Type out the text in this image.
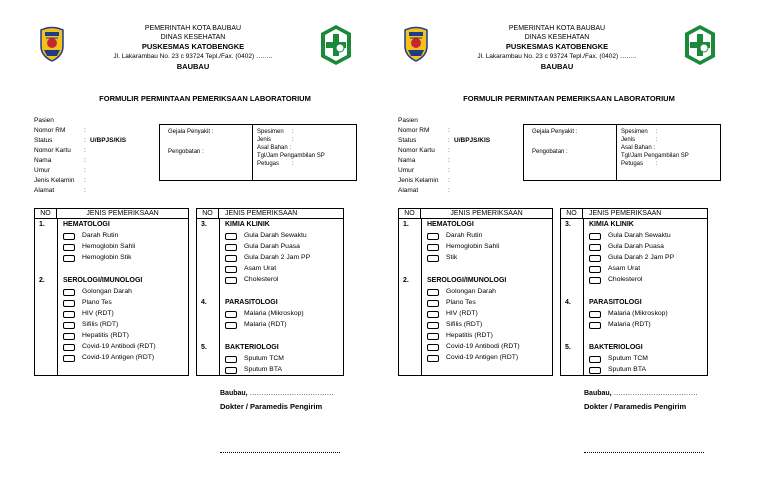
PEMERINTAH KOTA BAUBAU
DINAS KESEHATAN
PUSKESMAS KATOBENGKE
Jl. Lakarambau No. 23 c 93724 Tepl./Fax. (0402) ……..
BAUBAU
FORMULIR PERMINTAAN PEMERIKSAAN LABORATORIUM
Pasien
Nomor RM	:
Status	: U/BPJS/KIS
Nomor Kartu	:
Nama	:
Umur	:
Jenis Kelamin	:
Alamat	:
Gejala Penyakit :
Pengobatan :
Spesimen :
Jenis	:
Asal Bahan :
Tgl/Jam Pengambilan SP
Petugas :
NO	JENIS PEMERIKSAAN
1.	HEMATOLOGI
Darah Rutin
Hemoglobin Sahli
Hemoglobin Stik
2.	SEROLOGI/IMUNOLOGI
Golongan Darah
Plano Tes
HIV (RDT)
Sifilis (RDT)
Hepatitis (RDT)
Covid-19 Antibodi (RDT)
Covid-19 Antigen (RDT)
NO	JENIS PEMERIKSAAN
3.	KIMIA KLINIK
Gula Darah Sewaktu
Gula Darah Puasa
Gula Darah 2 Jam PP
Asam Urat
Cholesterol
4.	PARASITOLOGI
Malaria (Mikroskop)
Malaria (RDT)
5.	BAKTERIOLOGI
Sputum TCM
Sputum BTA
Baubau, ………………………………
Dokter / Paramedis Pengirim
PEMERINTAH KOTA BAUBAU
DINAS KESEHATAN
PUSKESMAS KATOBENGKE
Jl. Lakarambau No. 23 c 93724 Tepl./Fax. (0402) ……..
BAUBAU
FORMULIR PERMINTAAN PEMERIKSAAN LABORATORIUM
Pasien
Nomor RM	:
Status	: U/BPJS/KIS
Nomor Kartu	:
Nama	:
Umur	:
Jenis Kelamin	:
Alamat	:
Gejala Penyakit :
Pengobatan :
Spesimen :
Jenis	:
Asal Bahan :
Tgl/Jam Pengambilan SP
Petugas :
NO	JENIS PEMERIKSAAN
1.	HEMATOLOGI
Darah Rutin
Hemoglobin Sahli
Stik
2.	SEROLOGI/IMUNOLOGI
Golongan Darah
Plano Tes
HIV (RDT)
Sifilis (RDT)
Hepatitis (RDT)
Covid-19 Antibodi (RDT)
Covid-19 Antigen (RDT)
NO	JENIS PEMERIKSAAN
3.	KIMIA KLINIK
Gula Darah Sewaktu
Gula Darah Puasa
Gula Darah 2 Jam PP
Asam Urat
Cholesterol
4.	PARASITOLOGI
Malaria (Mikroskop)
Malaria (RDT)
5.	BAKTERIOLOGI
Sputum TCM
Sputum BTA
Baubau, ………………………………
Dokter / Paramedis Pengirim
